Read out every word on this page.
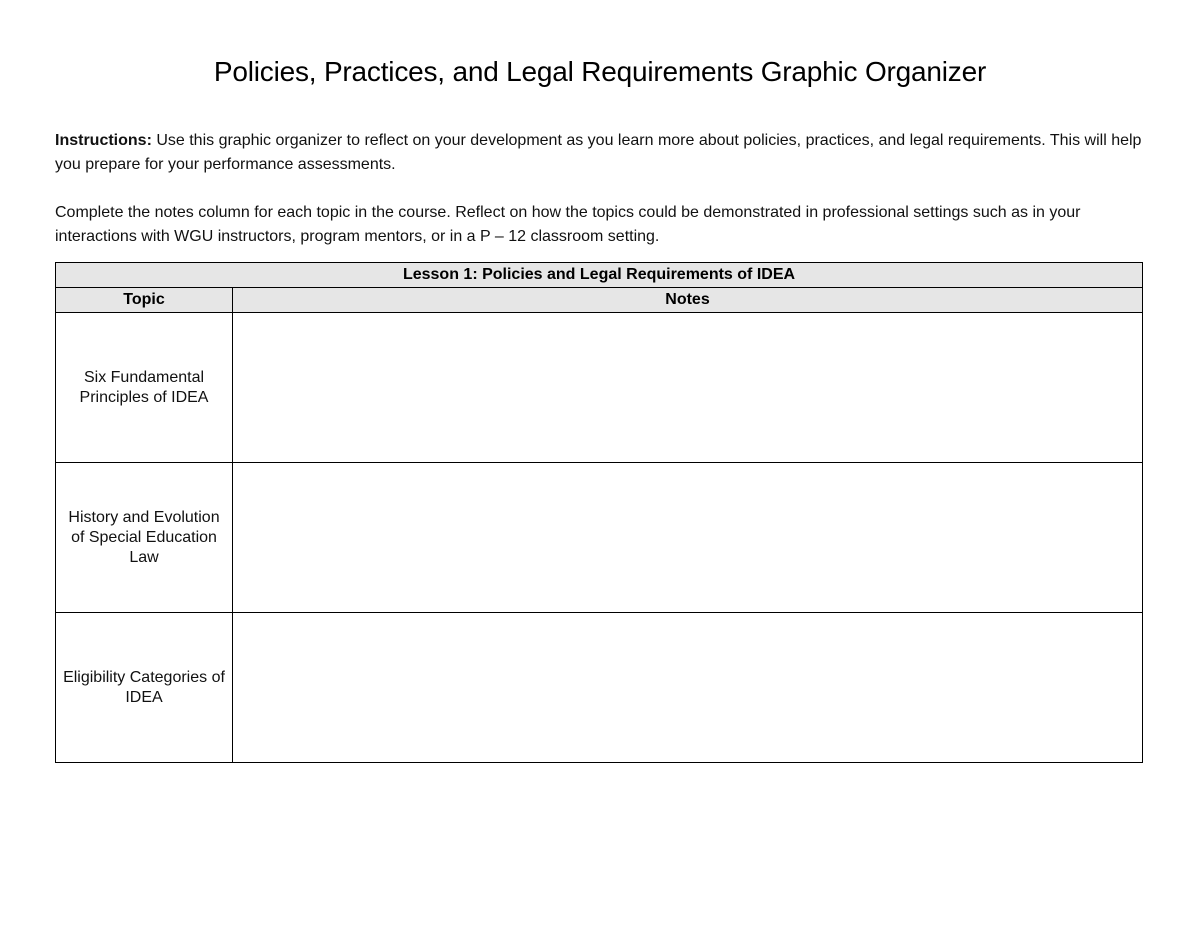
Policies, Practices, and Legal Requirements Graphic Organizer
Instructions: Use this graphic organizer to reflect on your development as you learn more about policies, practices, and legal requirements. This will help you prepare for your performance assessments.
Complete the notes column for each topic in the course. Reflect on how the topics could be demonstrated in professional settings such as in your interactions with WGU instructors, program mentors, or in a P – 12 classroom setting.
Lesson 1: Policies and Legal Requirements of IDEA	
Topic	Notes
Six Fundamental Principles of IDEA	
History and Evolution of Special Education Law	
Eligibility Categories of IDEA	
